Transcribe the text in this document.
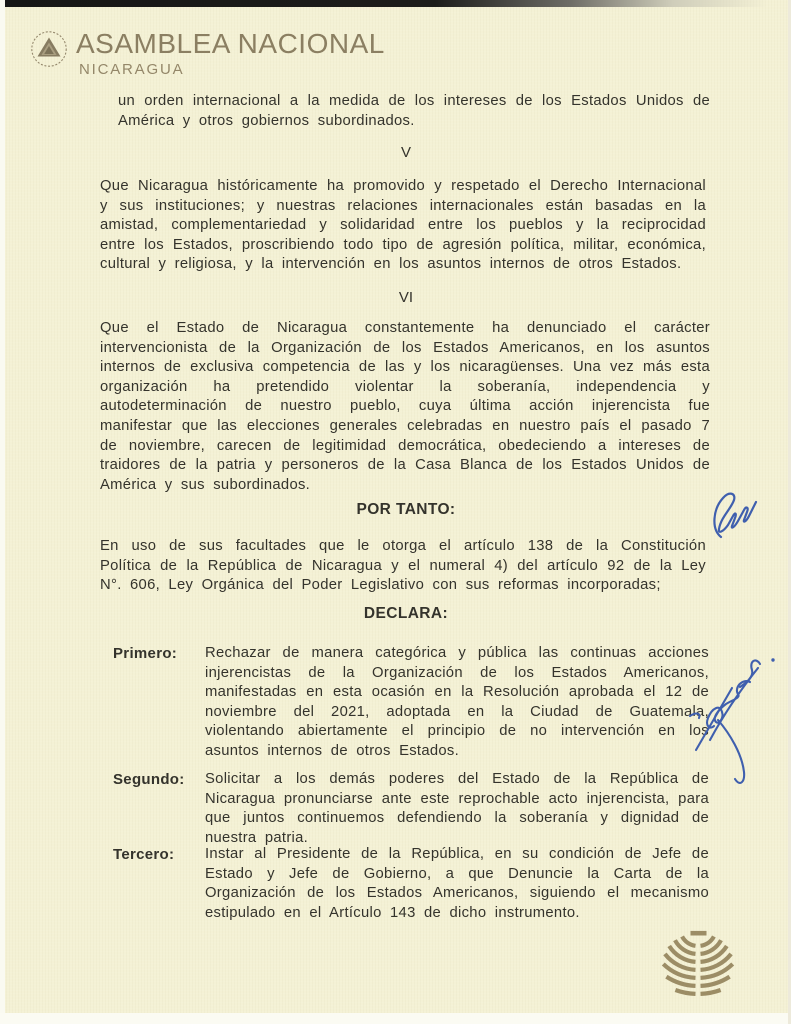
ASAMBLEA NACIONAL
NICARAGUA
un orden internacional a la medida de los intereses de los Estados Unidos de América y otros gobiernos subordinados.
V
Que Nicaragua históricamente ha promovido y respetado el Derecho Internacional y sus instituciones; y nuestras relaciones internacionales están basadas en la amistad, complementariedad y solidaridad entre los pueblos y la reciprocidad entre los Estados, proscribiendo todo tipo de agresión política, militar, económica, cultural y religiosa, y la intervención en los asuntos internos de otros Estados.
VI
Que el Estado de Nicaragua constantemente ha denunciado el carácter intervencionista de la Organización de los Estados Americanos, en los asuntos internos de exclusiva competencia de las y los nicaragüenses. Una vez más esta organización ha pretendido violentar la soberanía, independencia y autodeterminación de nuestro pueblo, cuya última acción injerencista fue manifestar que las elecciones generales celebradas en nuestro país el pasado 7 de noviembre, carecen de legitimidad democrática, obedeciendo a intereses de traidores de la patria y personeros de la Casa Blanca de los Estados Unidos de América y sus subordinados.
POR TANTO:
En uso de sus facultades que le otorga el artículo 138 de la Constitución Política de la República de Nicaragua y el numeral 4) del artículo 92 de la Ley N°. 606, Ley Orgánica del Poder Legislativo con sus reformas incorporadas;
DECLARA:
Primero:	Rechazar de manera categórica y pública las continuas acciones injerencistas de la Organización de los Estados Americanos, manifestadas en esta ocasión en la Resolución aprobada el 12 de noviembre del 2021, adoptada en la Ciudad de Guatemala, violentando abiertamente el principio de no intervención en los asuntos internos de otros Estados.
Segundo:	Solicitar a los demás poderes del Estado de la República de Nicaragua pronunciarse ante este reprochable acto injerencista, para que juntos continuemos defendiendo la soberanía y dignidad de nuestra patria.
Tercero:	Instar al Presidente de la República, en su condición de Jefe de Estado y Jefe de Gobierno, a que Denuncie la Carta de la Organización de los Estados Americanos, siguiendo el mecanismo estipulado en el Artículo 143 de dicho instrumento.
